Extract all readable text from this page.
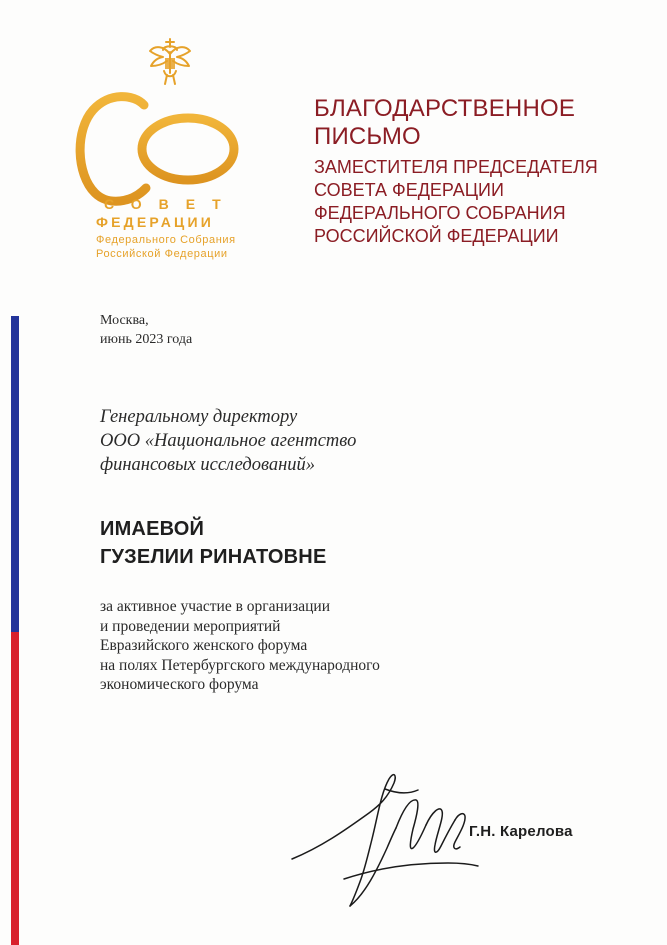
СОВЕТ
ФЕДЕРАЦИИ
Федерального Собрания
Российской Федерации
БЛАГОДАРСТВЕННОЕ
ПИСЬМО
ЗАМЕСТИТЕЛЯ ПРЕДСЕДАТЕЛЯ
СОВЕТА ФЕДЕРАЦИИ
ФЕДЕРАЛЬНОГО СОБРАНИЯ
РОССИЙСКОЙ ФЕДЕРАЦИИ
Москва,
июнь 2023 года
Генеральному директору
ООО «Национальное агентство
финансовых исследований»
ИМАЕВОЙ
ГУЗЕЛИИ РИНАТОВНЕ
за активное участие в организации
и проведении мероприятий
Евразийского женского форума
на полях Петербургского международного
экономического форума
Г.Н. Карелова
